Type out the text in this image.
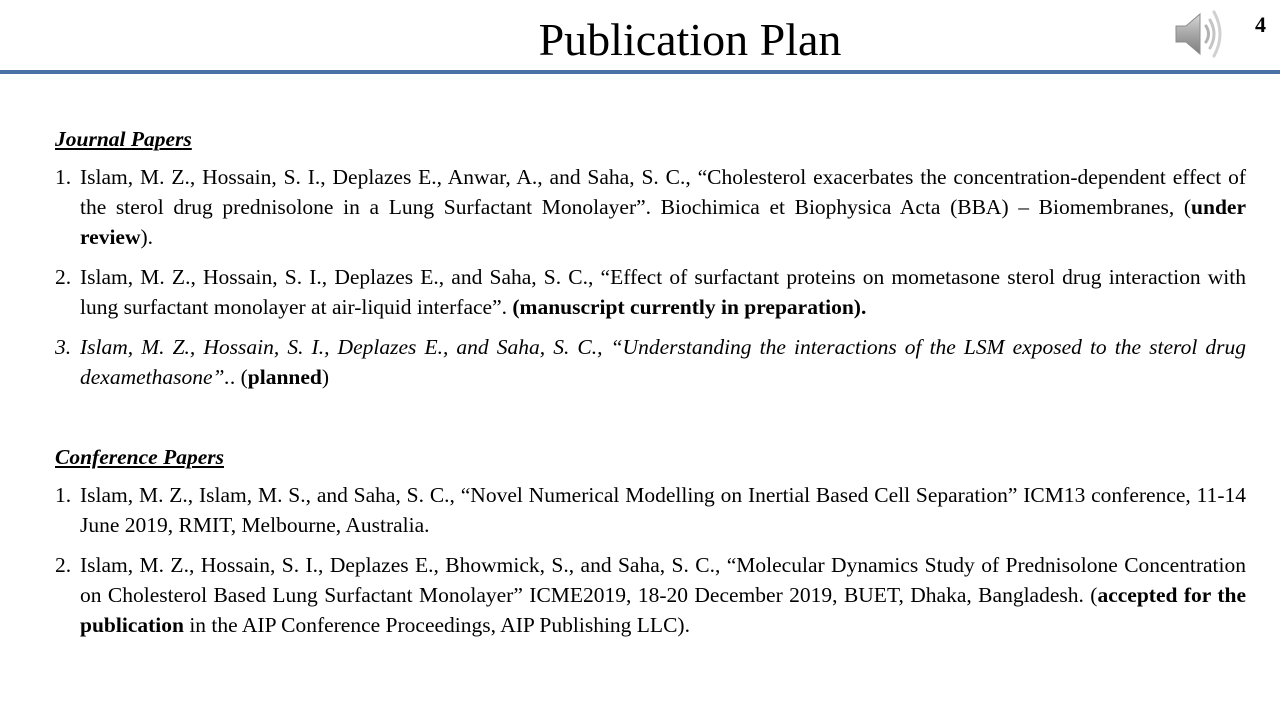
Publication Plan	4
Journal Papers
1. Islam, M. Z., Hossain, S. I., Deplazes E., Anwar, A., and Saha, S. C., “Cholesterol exacerbates the concentration-dependent effect of the sterol drug prednisolone in a Lung Surfactant Monolayer”. Biochimica et Biophysica Acta (BBA) – Biomembranes, (under review).
2. Islam, M. Z., Hossain, S. I., Deplazes E., and Saha, S. C., “Effect of surfactant proteins on mometasone sterol drug interaction with lung surfactant monolayer at air-liquid interface”. (manuscript currently in preparation).
3. Islam, M. Z., Hossain, S. I., Deplazes E., and Saha, S. C., “Understanding the interactions of the LSM exposed to the sterol drug dexamethasone”.. (planned)
Conference Papers
1. Islam, M. Z., Islam, M. S., and Saha, S. C., “Novel Numerical Modelling on Inertial Based Cell Separation” ICM13 conference, 11-14 June 2019, RMIT, Melbourne, Australia.
2. Islam, M. Z., Hossain, S. I., Deplazes E., Bhowmick, S., and Saha, S. C., “Molecular Dynamics Study of Prednisolone Concentration on Cholesterol Based Lung Surfactant Monolayer” ICME2019, 18-20 December 2019, BUET, Dhaka, Bangladesh. (accepted for the publication in the AIP Conference Proceedings, AIP Publishing LLC).
